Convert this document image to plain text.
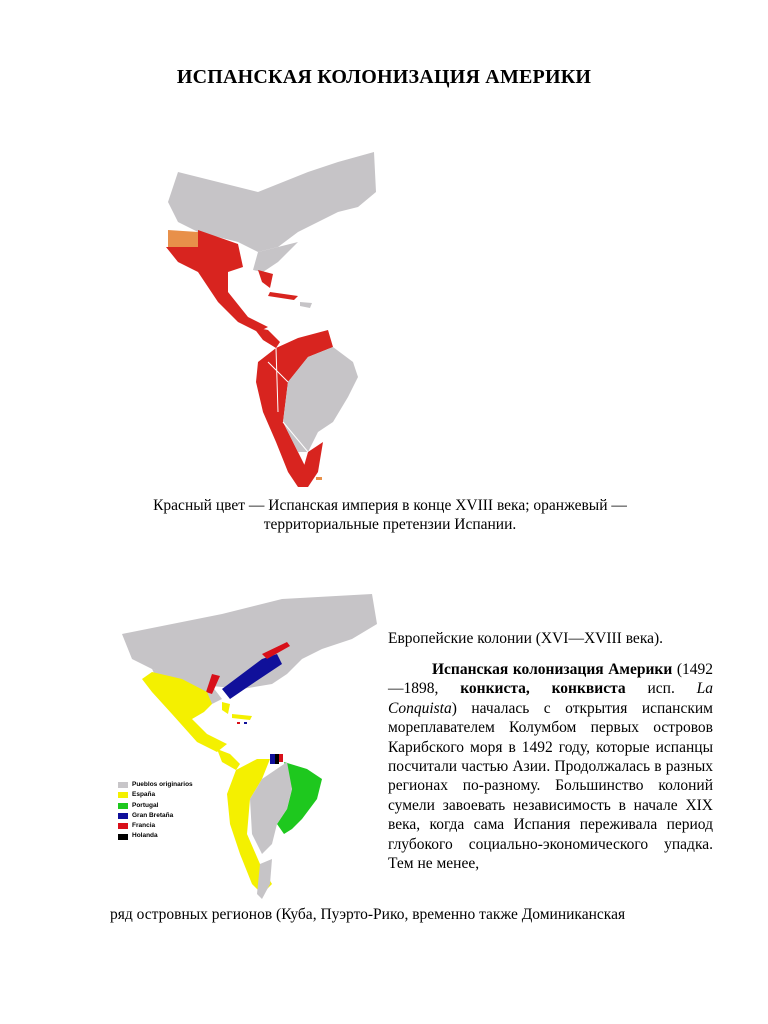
ИСПАНСКАЯ КОЛОНИЗАЦИЯ АМЕРИКИ
Красный цвет — Испанская империя в конце XVIII века; оранжевый —
территориальные претензии Испании.
Pueblos originarios
España
Portugal
Gran Bretaña
Francia
Holanda
Европейские колонии (XVI—XVIII века).
Испанская колонизация Америки (1492—1898, конкиста, конквиста исп. La Conquista) началась с открытия испанским мореплавателем Колумбом первых островов Карибского моря в 1492 году, которые испанцы посчитали частью Азии. Продолжалась в разных регионах по-разному. Большинство колоний сумели завоевать независимость в начале XIX века, когда сама Испания переживала период глубокого социально-экономического упадка. Тем не менее,
ряд островных регионов (Куба, Пуэрто-Рико, временно также Доминиканская
